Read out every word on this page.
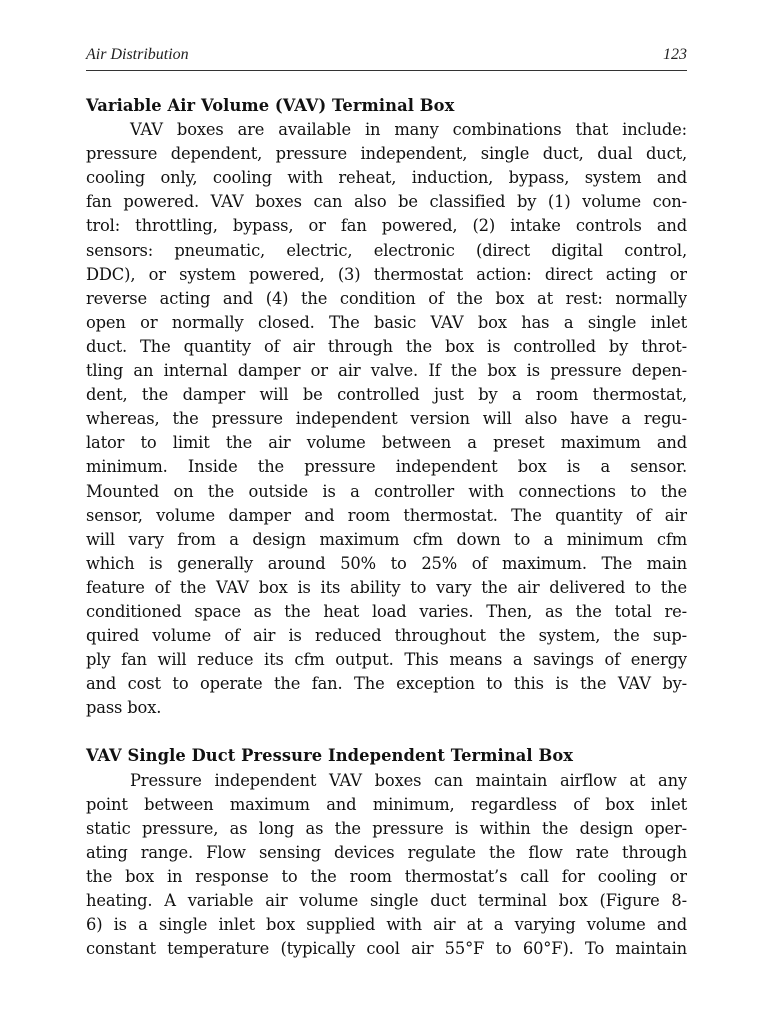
Air Distribution	123
Variable Air Volume (VAV) Terminal Box

VAV boxes are available in many combinations that include:
pressure dependent, pressure independent, single duct, dual duct,
cooling only, cooling with reheat, induction, bypass, system and
fan powered. VAV boxes can also be classified by (1) volume con-
trol: throttling, bypass, or fan powered, (2) intake controls and
sensors: pneumatic, electric, electronic (direct digital control,
DDC), or system powered, (3) thermostat action: direct acting or
reverse acting and (4) the condition of the box at rest: normally
open or normally closed. The basic VAV box has a single inlet
duct. The quantity of air through the box is controlled by throt-
tling an internal damper or air valve. If the box is pressure depen-
dent, the damper will be controlled just by a room thermostat,
whereas, the pressure independent version will also have a regu-
lator to limit the air volume between a preset maximum and
minimum. Inside the pressure independent box is a sensor.
Mounted on the outside is a controller with connections to the
sensor, volume damper and room thermostat. The quantity of air
will vary from a design maximum cfm down to a minimum cfm
which is generally around 50% to 25% of maximum. The main
feature of the VAV box is its ability to vary the air delivered to the
conditioned space as the heat load varies. Then, as the total re-
quired volume of air is reduced throughout the system, the sup-
ply fan will reduce its cfm output. This means a savings of energy
and cost to operate the fan. The exception to this is the VAV by-
pass box.

VAV Single Duct Pressure Independent Terminal Box

Pressure independent VAV boxes can maintain airflow at any
point between maximum and minimum, regardless of box inlet
static pressure, as long as the pressure is within the design oper-
ating range. Flow sensing devices regulate the flow rate through
the box in response to the room thermostat’s call for cooling or
heating. A variable air volume single duct terminal box (Figure 8-
6) is a single inlet box supplied with air at a varying volume and
constant temperature (typically cool air 55°F to 60°F). To maintain
